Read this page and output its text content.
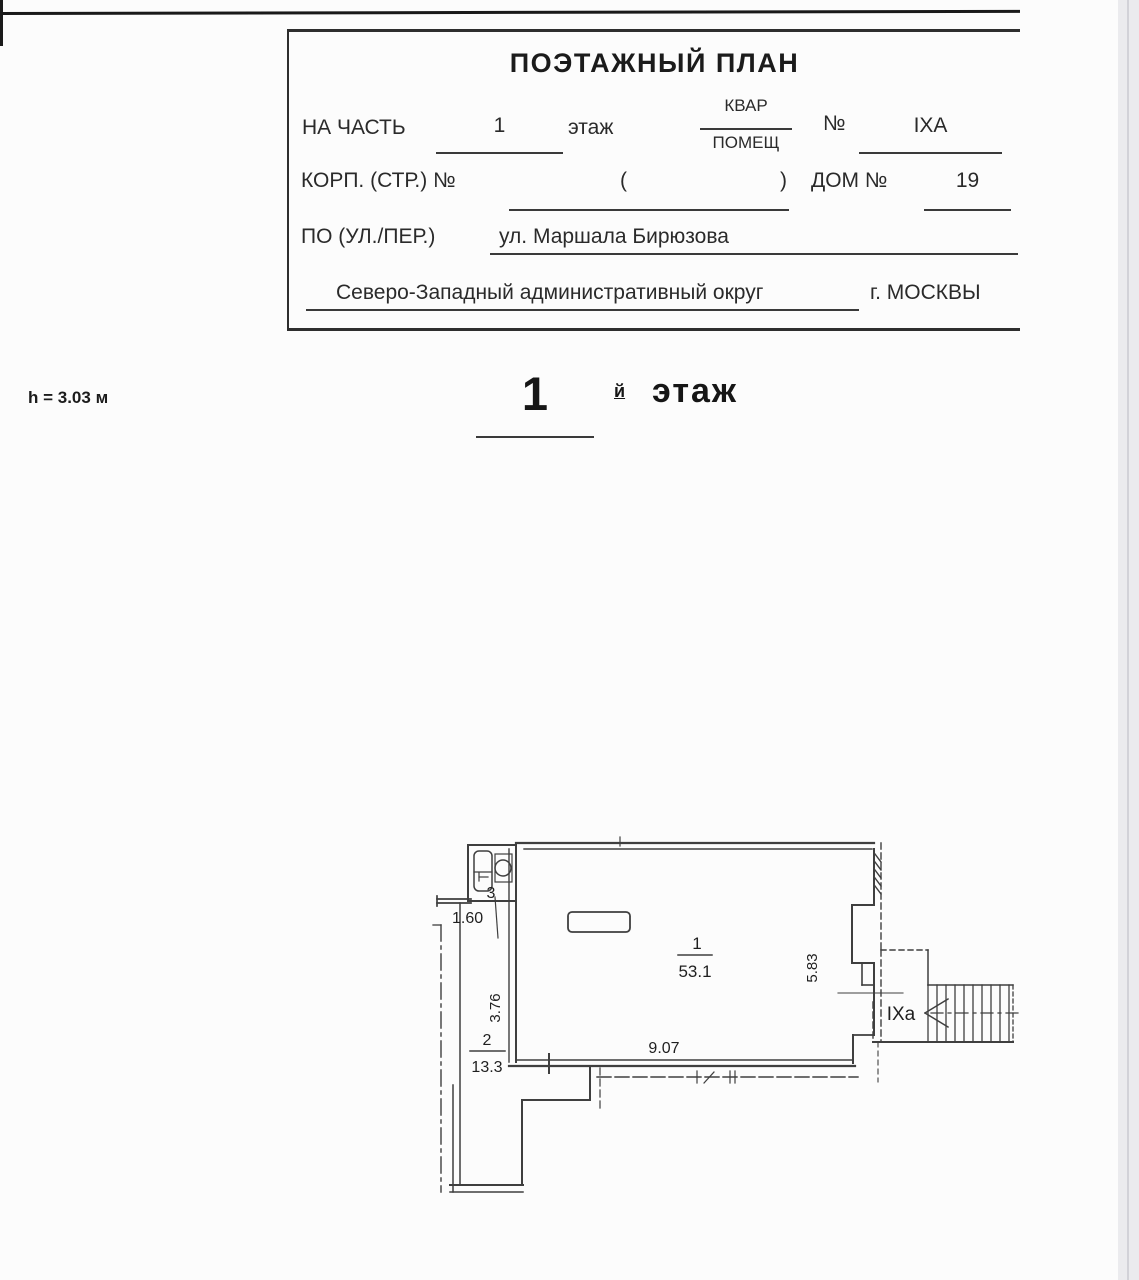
ПОЭТАЖНЫЙ ПЛАН
НА ЧАСТЬ	1	этаж
КВАР
ПОМЕЩ
№	IXA
КОРП. (СТР.) №	(	) ДОМ №	19
ПО (УЛ./ПЕР.)	ул. Маршала Бирюзова
Северо-Западный административный округ	г. МОСКВЫ
h = 3.03 м	1	й этаж
1
53.1
2
13.3
3
1.60
3.76
9.07
5.83
IXa
